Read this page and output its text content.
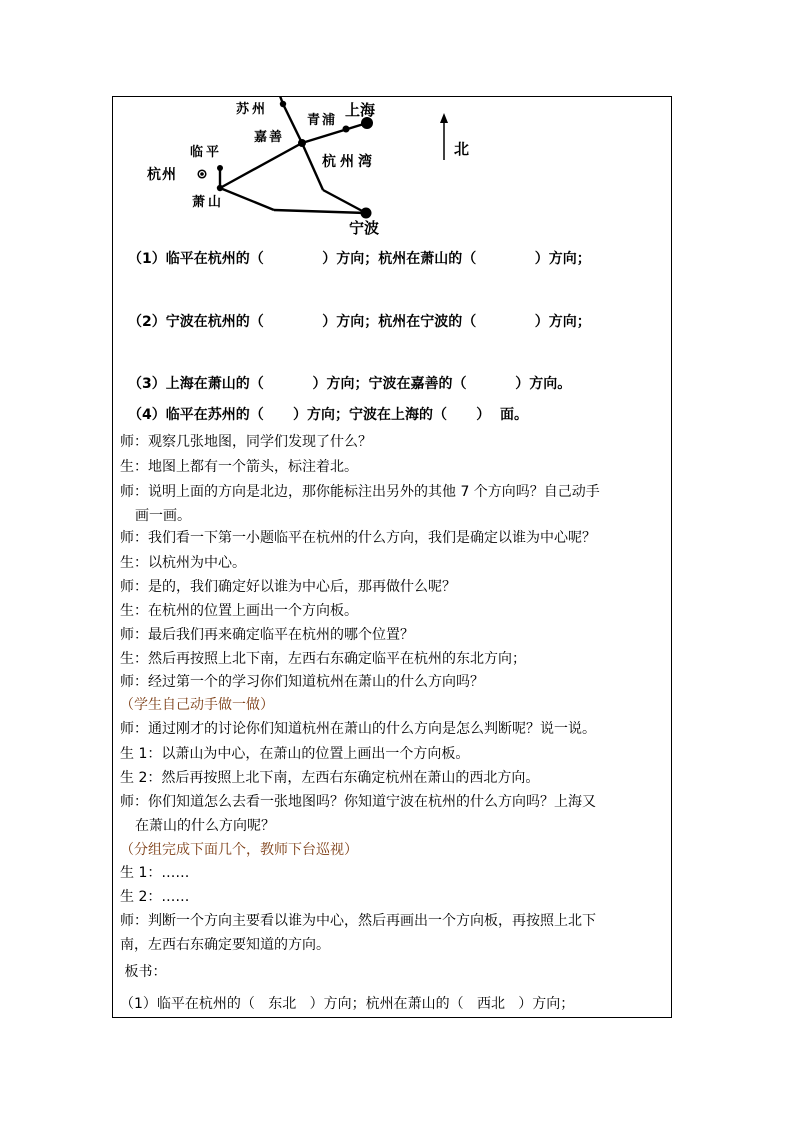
苏州	上海
青浦
嘉善
临平
杭州
杭州湾
萧山
宁波
北
（1）临平在杭州的（            ）方向；杭州在萧山的（            ）方向；
（2）宁波在杭州的（            ）方向；杭州在宁波的（            ）方向；
（3）上海在萧山的（          ）方向；宁波在嘉善的（          ）方向。
（4）临平在苏州的（      ）方向；宁波在上海的（      ）  面。
师：观察几张地图，同学们发现了什么？
生：地图上都有一个箭头，标注着北。
师：说明上面的方向是北边，那你能标注出另外的其他 7 个方向吗？自己动手
画一画。
师：我们看一下第一小题临平在杭州的什么方向，我们是确定以谁为中心呢？
生：以杭州为中心。
师：是的，我们确定好以谁为中心后，那再做什么呢？
生：在杭州的位置上画出一个方向板。
师：最后我们再来确定临平在杭州的哪个位置？
生：然后再按照上北下南，左西右东确定临平在杭州的东北方向；
师：经过第一个的学习你们知道杭州在萧山的什么方向吗？
（学生自己动手做一做）
师：通过刚才的讨论你们知道杭州在萧山的什么方向是怎么判断呢？说一说。
生 1：以萧山为中心，在萧山的位置上画出一个方向板。
生 2：然后再按照上北下南，左西右东确定杭州在萧山的西北方向。
师：你们知道怎么去看一张地图吗？你知道宁波在杭州的什么方向吗？上海又
在萧山的什么方向呢？
（分组完成下面几个，教师下台巡视）
生 1：……
生 2：……
师：判断一个方向主要看以谁为中心，然后再画出一个方向板，再按照上北下
南，左西右东确定要知道的方向。
板书：
（1）临平在杭州的（   东北   ）方向；杭州在萧山的（   西北   ）方向；
